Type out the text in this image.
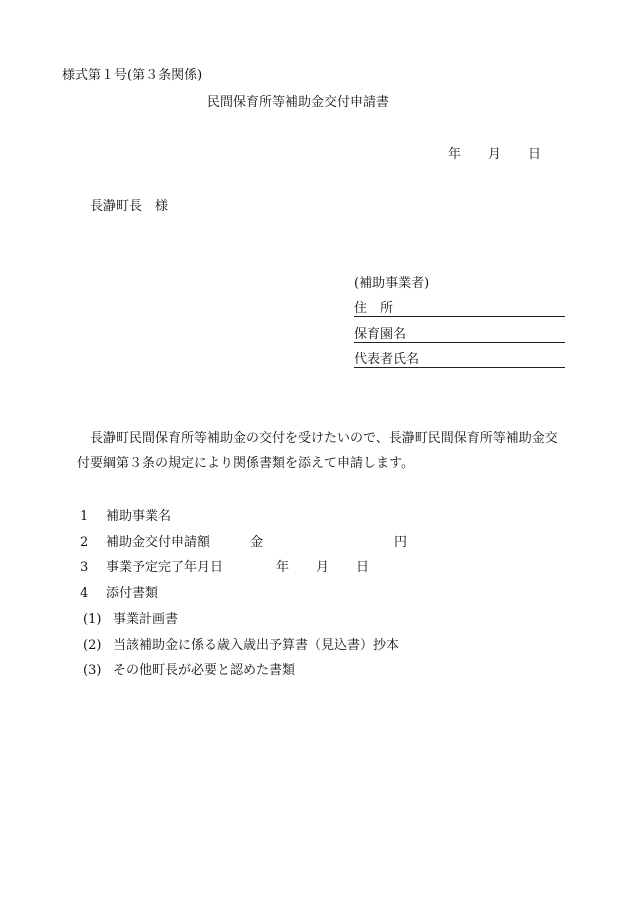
様式第１号(第３条関係)
民間保育所等補助金交付申請書
年 月 日
長瀞町長　様
(補助事業者)
住　所
保育園名
代表者氏名
長瀞町民間保育所等補助金の交付を受けたいので、長瀞町民間保育所等補助金交
付要綱第３条の規定により関係書類を添えて申請します。
1 補助事業名
2 補助金交付申請額	金	円
3 事業予定完了年月日	年 月 日
4 添付書類
(1) 事業計画書
(2) 当該補助金に係る歳入歳出予算書（見込書）抄本
(3) その他町長が必要と認めた書類
